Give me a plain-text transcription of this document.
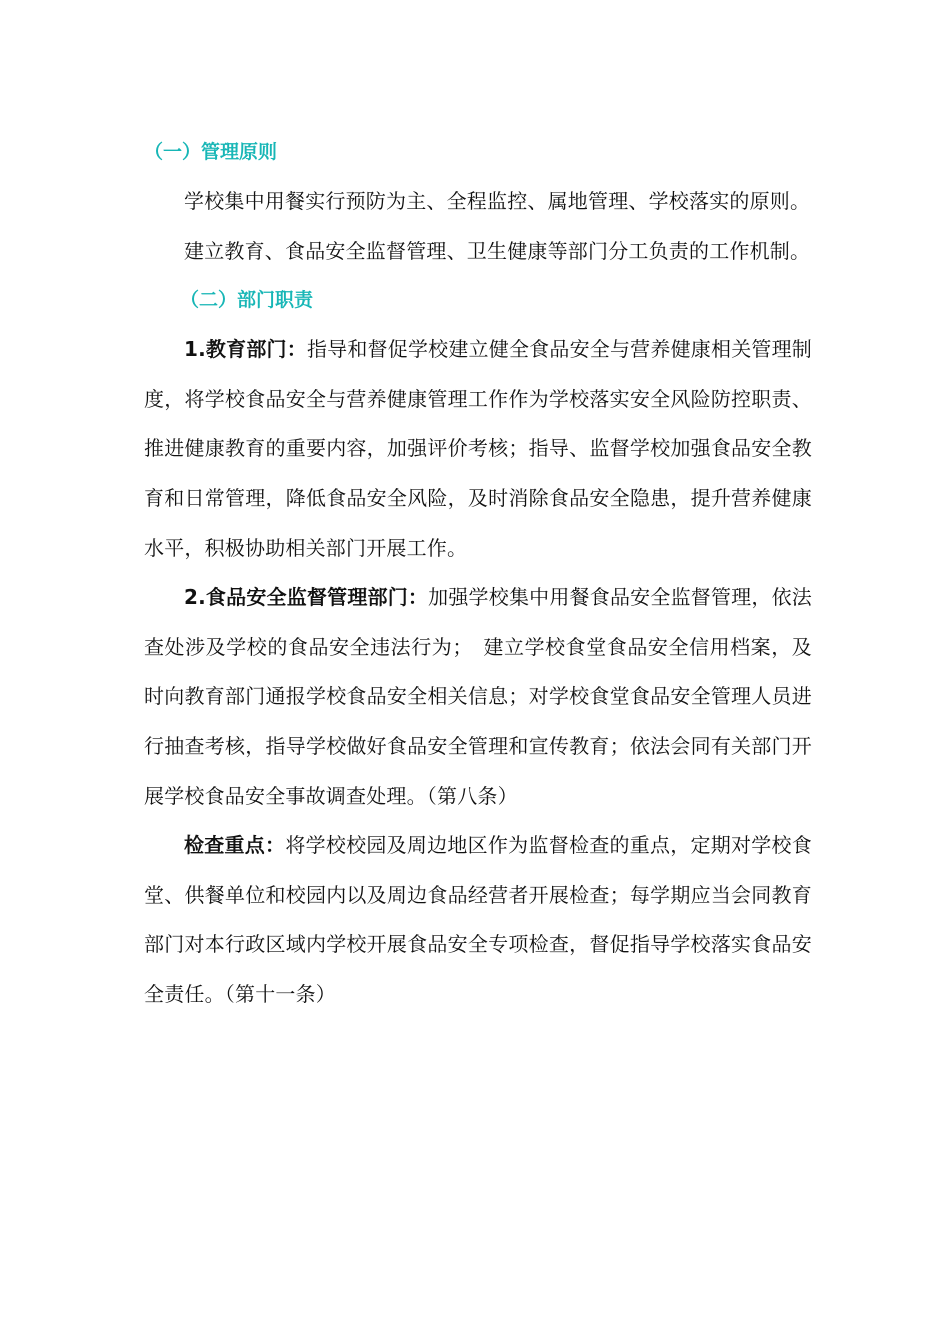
（一）管理原则

学校集中用餐实行预防为主、全程监控、属地管理、学校落实的原则。

建立教育、食品安全监督管理、卫生健康等部门分工负责的工作机制。

（二）部门职责

1.教育部门：指导和督促学校建立健全食品安全与营养健康相关管理制度，将学校食品安全与营养健康管理工作作为学校落实安全风险防控职责、推进健康教育的重要内容，加强评价考核；指导、监督学校加强食品安全教育和日常管理，降低食品安全风险，及时消除食品安全隐患，提升营养健康水平，积极协助相关部门开展工作。

2.食品安全监督管理部门：加强学校集中用餐食品安全监督管理，依法查处涉及学校的食品安全违法行为；　建立学校食堂食品安全信用档案，及时向教育部门通报学校食品安全相关信息；对学校食堂食品安全管理人员进行抽查考核，指导学校做好食品安全管理和宣传教育；依法会同有关部门开展学校食品安全事故调查处理。（第八条）

检查重点：将学校校园及周边地区作为监督检查的重点，定期对学校食堂、供餐单位和校园内以及周边食品经营者开展检查；每学期应当会同教育部门对本行政区域内学校开展食品安全专项检查，督促指导学校落实食品安全责任。（第十一条）
